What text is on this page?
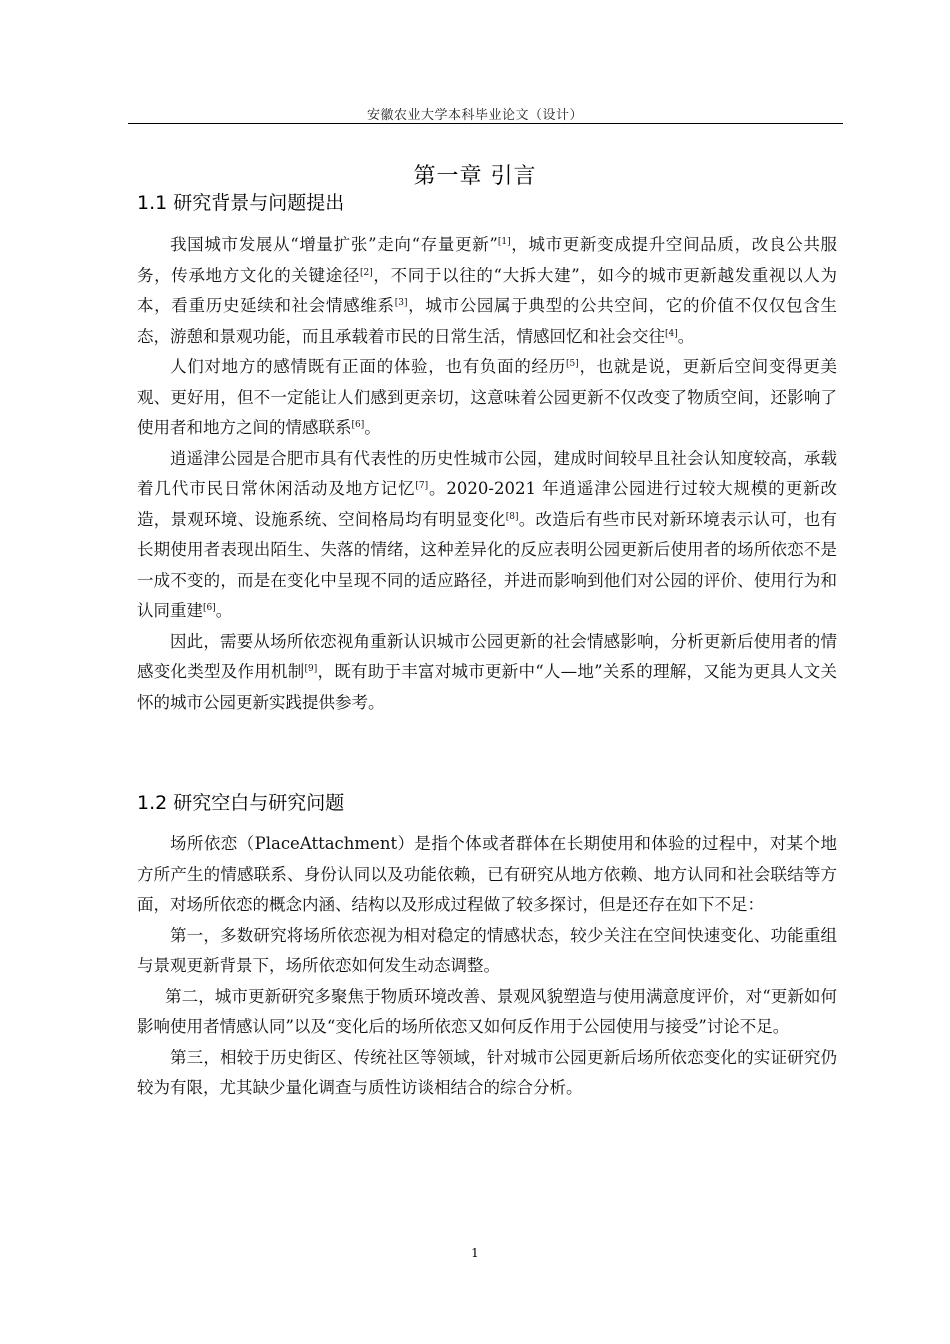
安徽农业大学本科毕业论文（设计）
第一章 引言
1.1 研究背景与问题提出

我国城市发展从“增量扩张”走向“存量更新”[1]，城市更新变成提升空间品质，改良公共服务，传承地方文化的关键途径[2]，不同于以往的“大拆大建”，如今的城市更新越发重视以人为本，看重历史延续和社会情感维系[3]，城市公园属于典型的公共空间，它的价值不仅仅包含生态，游憩和景观功能，而且承载着市民的日常生活，情感回忆和社会交往[4]。

人们对地方的感情既有正面的体验，也有负面的经历[5]，也就是说，更新后空间变得更美观、更好用，但不一定能让人们感到更亲切，这意味着公园更新不仅改变了物质空间，还影响了使用者和地方之间的情感联系[6]。

逍遥津公园是合肥市具有代表性的历史性城市公园，建成时间较早且社会认知度较高，承载着几代市民日常休闲活动及地方记忆[7]。2020-2021 年逍遥津公园进行过较大规模的更新改造，景观环境、设施系统、空间格局均有明显变化[8]。改造后有些市民对新环境表示认可，也有长期使用者表现出陌生、失落的情绪，这种差异化的反应表明公园更新后使用者的场所依恋不是一成不变的，而是在变化中呈现不同的适应路径，并进而影响到他们对公园的评价、使用行为和认同重建[6]。

因此，需要从场所依恋视角重新认识城市公园更新的社会情感影响，分析更新后使用者的情感变化类型及作用机制[9]，既有助于丰富对城市更新中“人—地”关系的理解，又能为更具人文关怀的城市公园更新实践提供参考。

1.2 研究空白与研究问题

场所依恋（PlaceAttachment）是指个体或者群体在长期使用和体验的过程中，对某个地方所产生的情感联系、身份认同以及功能依赖，已有研究从地方依赖、地方认同和社会联结等方面，对场所依恋的概念内涵、结构以及形成过程做了较多探讨，但是还存在如下不足：

第一，多数研究将场所依恋视为相对稳定的情感状态，较少关注在空间快速变化、功能重组与景观更新背景下，场所依恋如何发生动态调整。

第二，城市更新研究多聚焦于物质环境改善、景观风貌塑造与使用满意度评价，对“更新如何影响使用者情感认同”以及“变化后的场所依恋又如何反作用于公园使用与接受”讨论不足。

第三，相较于历史街区、传统社区等领域，针对城市公园更新后场所依恋变化的实证研究仍较为有限，尤其缺少量化调查与质性访谈相结合的综合分析。

1
